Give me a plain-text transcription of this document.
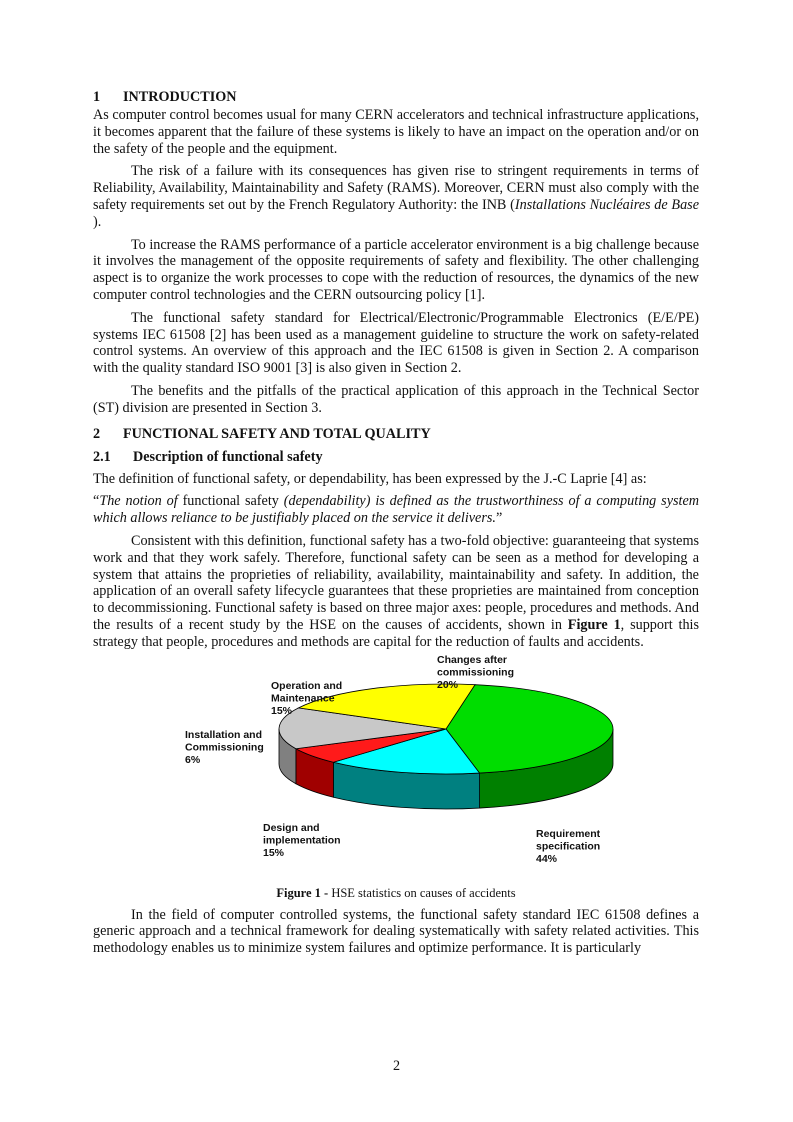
1 INTRODUCTION

As computer control becomes usual for many CERN accelerators and technical infrastructure applications, it becomes apparent that the failure of these systems is likely to have an impact on the operation and/or on the safety of the people and the equipment.

The risk of a failure with its consequences has given rise to stringent requirements in terms of Reliability, Availability, Maintainability and Safety (RAMS). Moreover, CERN must also comply with the safety requirements set out by the French Regulatory Authority: the INB (Installations Nucléaires de Base ).

To increase the RAMS performance of a particle accelerator environment is a big challenge because it involves the management of the opposite requirements of safety and flexibility. The other challenging aspect is to organize the work processes to cope with the reduction of resources, the dynamics of the new computer control technologies and the CERN outsourcing policy [1].

The functional safety standard for Electrical/Electronic/Programmable Electronics (E/E/PE) systems IEC 61508 [2] has been used as a management guideline to structure the work on safety-related control systems. An overview of this approach and the IEC 61508 is given in Section 2. A comparison with the quality standard ISO 9001 [3] is also given in Section 2.

The benefits and the pitfalls of the practical application of this approach in the Technical Sector (ST) division are presented in Section 3.

2 FUNCTIONAL SAFETY AND TOTAL QUALITY
2.1 Description of functional safety

The definition of functional safety, or dependability, has been expressed by the J.-C Laprie [4] as:

“The notion of functional safety (dependability) is defined as the trustworthiness of a computing system which allows reliance to be justifiably placed on the service it delivers.”

Consistent with this definition, functional safety has a two-fold objective: guaranteeing that systems work and that they work safely. Therefore, functional safety can be seen as a method for developing a system that attains the proprieties of reliability, availability, maintainability and safety. In addition, the application of an overall safety lifecycle guarantees that these proprieties are maintained from conception to decommissioning. Functional safety is based on three major axes: people, procedures and methods. And the results of a recent study by the HSE on the causes of accidents, shown in Figure 1, support this strategy that people, procedures and methods are capital for the reduction of faults and accidents.

Requirement specification 44%
Design and implementation 15%
Installation and Commissioning 6%
Operation and Maintenance 15%
Changes after commissioning 20%

Figure 1 - HSE statistics on causes of accidents

In the field of computer controlled systems, the functional safety standard IEC 61508 defines a generic approach and a technical framework for dealing systematically with safety related activities. This methodology enables us to minimize system failures and optimize performance. It is particularly

2
